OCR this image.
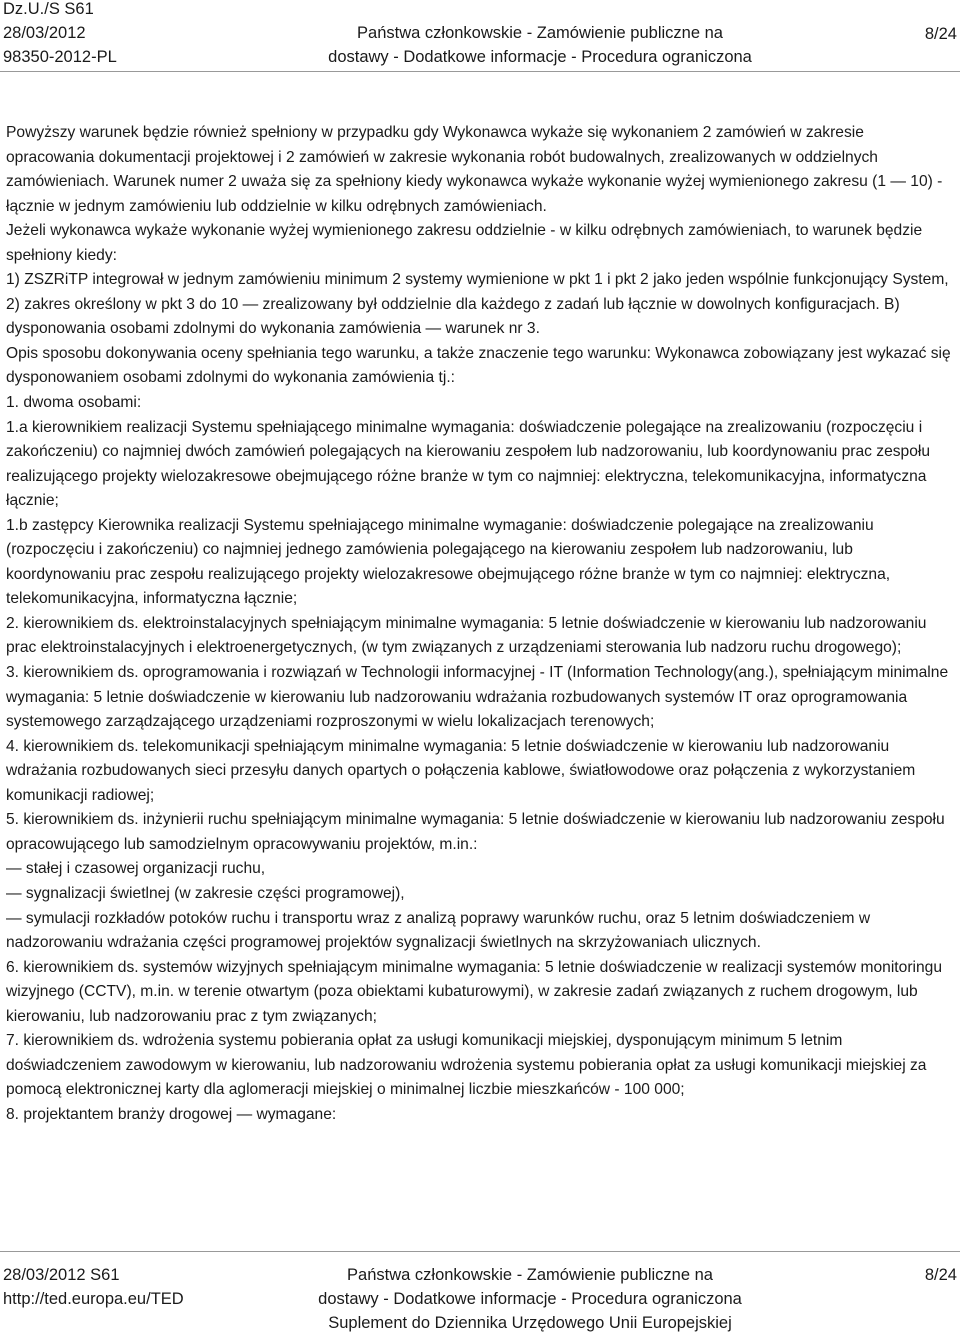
Dz.U./S S61
28/03/2012
98350-2012-PL
Państwa członkowskie - Zamówienie publiczne na
dostawy - Dodatkowe informacje - Procedura ograniczona
8/24

Powyższy warunek będzie również spełniony w przypadku gdy Wykonawca wykaże się wykonaniem 2 zamówień w zakresie opracowania dokumentacji projektowej i 2 zamówień w zakresie wykonania robót budowalnych, zrealizowanych w oddzielnych zamówieniach. Warunek numer 2 uważa się za spełniony kiedy wykonawca wykaże wykonanie wyżej wymienionego zakresu (1 — 10) - łącznie w jednym zamówieniu lub oddzielnie w kilku odrębnych zamówieniach.

Jeżeli wykonawca wykaże wykonanie wyżej wymienionego zakresu oddzielnie - w kilku odrębnych zamówieniach, to warunek będzie spełniony kiedy:

1) ZSZRiTP integrował w jednym zamówieniu minimum 2 systemy wymienione w pkt 1 i pkt 2 jako jeden wspólnie funkcjonujący System,

2) zakres określony w pkt 3 do 10 — zrealizowany był oddzielnie dla każdego z zadań lub łącznie w dowolnych konfiguracjach. B) dysponowania osobami zdolnymi do wykonania zamówienia — warunek nr 3.

Opis sposobu dokonywania oceny spełniania tego warunku, a także znaczenie tego warunku: Wykonawca zobowiązany jest wykazać się dysponowaniem osobami zdolnymi do wykonania zamówienia tj.:

1. dwoma osobami:

1.a kierownikiem realizacji Systemu spełniającego minimalne wymagania: doświadczenie polegające na zrealizowaniu (rozpoczęciu i zakończeniu) co najmniej dwóch zamówień polegających na kierowaniu zespołem lub nadzorowaniu, lub koordynowaniu prac zespołu realizującego projekty wielozakresowe obejmującego różne branże w tym co najmniej: elektryczna, telekomunikacyjna, informatyczna łącznie;

1.b zastępcy Kierownika realizacji Systemu spełniającego minimalne wymaganie: doświadczenie polegające na zrealizowaniu (rozpoczęciu i zakończeniu) co najmniej jednego zamówienia polegającego na kierowaniu zespołem lub nadzorowaniu, lub koordynowaniu prac zespołu realizującego projekty wielozakresowe obejmującego różne branże w tym co najmniej: elektryczna, telekomunikacyjna, informatyczna łącznie;

2. kierownikiem ds. elektroinstalacyjnych spełniającym minimalne wymagania: 5 letnie doświadczenie w kierowaniu lub nadzorowaniu prac elektroinstalacyjnych i elektroenergetycznych, (w tym związanych z urządzeniami sterowania lub nadzoru ruchu drogowego);

3. kierownikiem ds. oprogramowania i rozwiązań w Technologii informacyjnej - IT (Information Technology(ang.), spełniającym minimalne wymagania: 5 letnie doświadczenie w kierowaniu lub nadzorowaniu wdrażania rozbudowanych systemów IT oraz oprogramowania systemowego zarządzającego urządzeniami rozproszonymi w wielu lokalizacjach terenowych;

4. kierownikiem ds. telekomunikacji spełniającym minimalne wymagania: 5 letnie doświadczenie w kierowaniu lub nadzorowaniu wdrażania rozbudowanych sieci przesyłu danych opartych o połączenia kablowe, światłowodowe oraz połączenia z wykorzystaniem komunikacji radiowej;

5. kierownikiem ds. inżynierii ruchu spełniającym minimalne wymagania: 5 letnie doświadczenie w kierowaniu lub nadzorowaniu zespołu opracowującego lub samodzielnym opracowywaniu projektów, m.in.:

— stałej i czasowej organizacji ruchu,

— sygnalizacji świetlnej (w zakresie części programowej),

— symulacji rozkładów potoków ruchu i transportu wraz z analizą poprawy warunków ruchu, oraz 5 letnim doświadczeniem w nadzorowaniu wdrażania części programowej projektów sygnalizacji świetlnych na skrzyżowaniach ulicznych.

6. kierownikiem ds. systemów wizyjnych spełniającym minimalne wymagania: 5 letnie doświadczenie w realizacji systemów monitoringu wizyjnego (CCTV), m.in. w terenie otwartym (poza obiektami kubaturowymi), w zakresie zadań związanych z ruchem drogowym, lub kierowaniu, lub nadzorowaniu prac z tym związanych;

7. kierownikiem ds. wdrożenia systemu pobierania opłat za usługi komunikacji miejskiej, dysponującym minimum 5 letnim doświadczeniem zawodowym w kierowaniu, lub nadzorowaniu wdrożenia systemu pobierania opłat za usługi komunikacji miejskiej za pomocą elektronicznej karty dla aglomeracji miejskiej o minimalnej liczbie mieszkańców - 100 000;

8. projektantem branży drogowej — wymagane:

28/03/2012 S61
http://ted.europa.eu/TED
Państwa członkowskie - Zamówienie publiczne na
dostawy - Dodatkowe informacje - Procedura ograniczona
Suplement do Dziennika Urzędowego Unii Europejskiej
8/24
